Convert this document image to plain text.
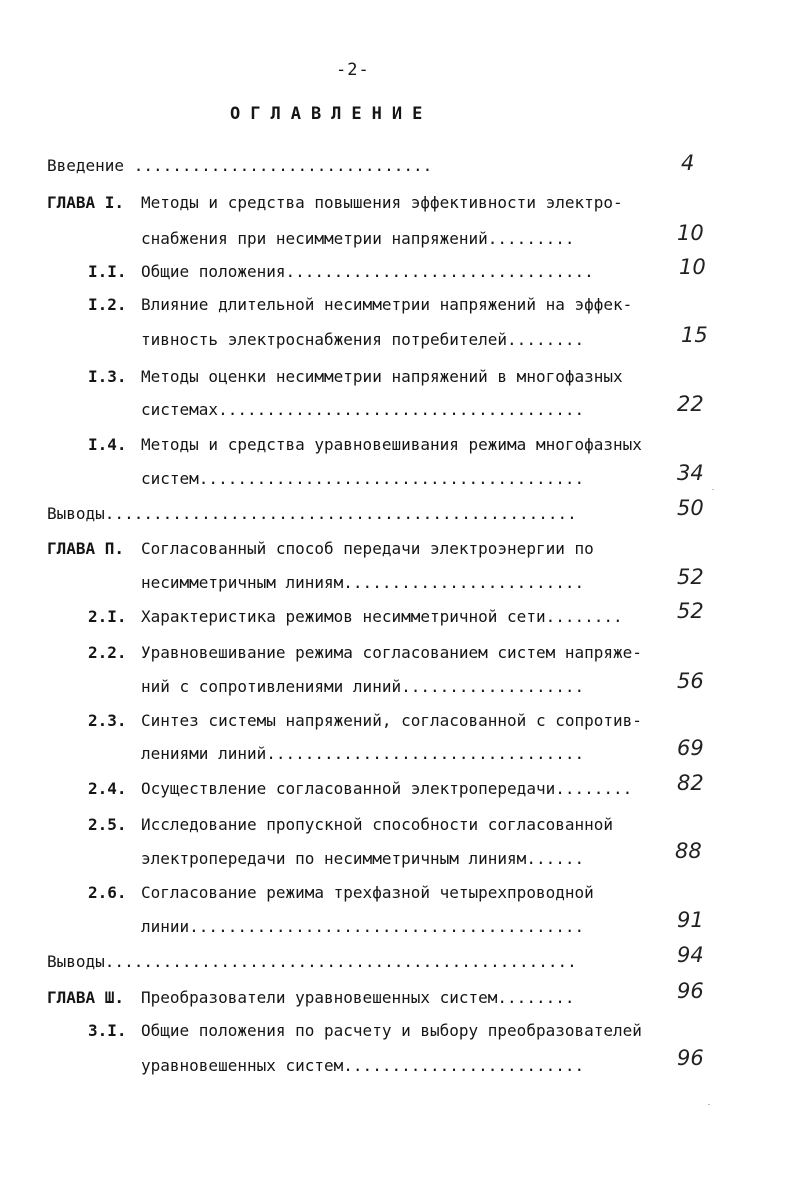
-2-
ОГЛАВЛЕНИЕ
Введение ...............................	4
ГЛАВА I. Методы и средства повышения эффективности электро-
снабжения при несимметрии напряжений.........	10
I.I. Общие положения................................	10
I.2. Влияние длительной несимметрии напряжений на эффек-
тивность электроснабжения потребителей........	15
I.3. Методы оценки несимметрии напряжений в многофазных
системах......................................	22
I.4. Методы и средства уравновешивания режима многофазных
систем........................................	34
Выводы.................................................	50
ГЛАВА П. Согласованный способ передачи электроэнергии по
несимметричным линиям.........................	52
2.I. Характеристика режимов несимметричной сети........	52
2.2. Уравновешивание режима согласованием систем напряже-
ний с сопротивлениями линий...................	56
2.3. Синтез системы напряжений, согласованной с сопротив-
лениями линий.................................	69
2.4. Осуществление согласованной электропередачи........	82
2.5. Исследование пропускной способности согласованной
электропередачи по несимметричным линиям......	88
2.6. Согласование режима трехфазной четырехпроводной
линии.........................................	91
Выводы.................................................	94
ГЛАВА Ш. Преобразователи уравновешенных систем........	96
3.I. Общие положения по расчету и выбору преобразователей
уравновешенных систем.........................	96
